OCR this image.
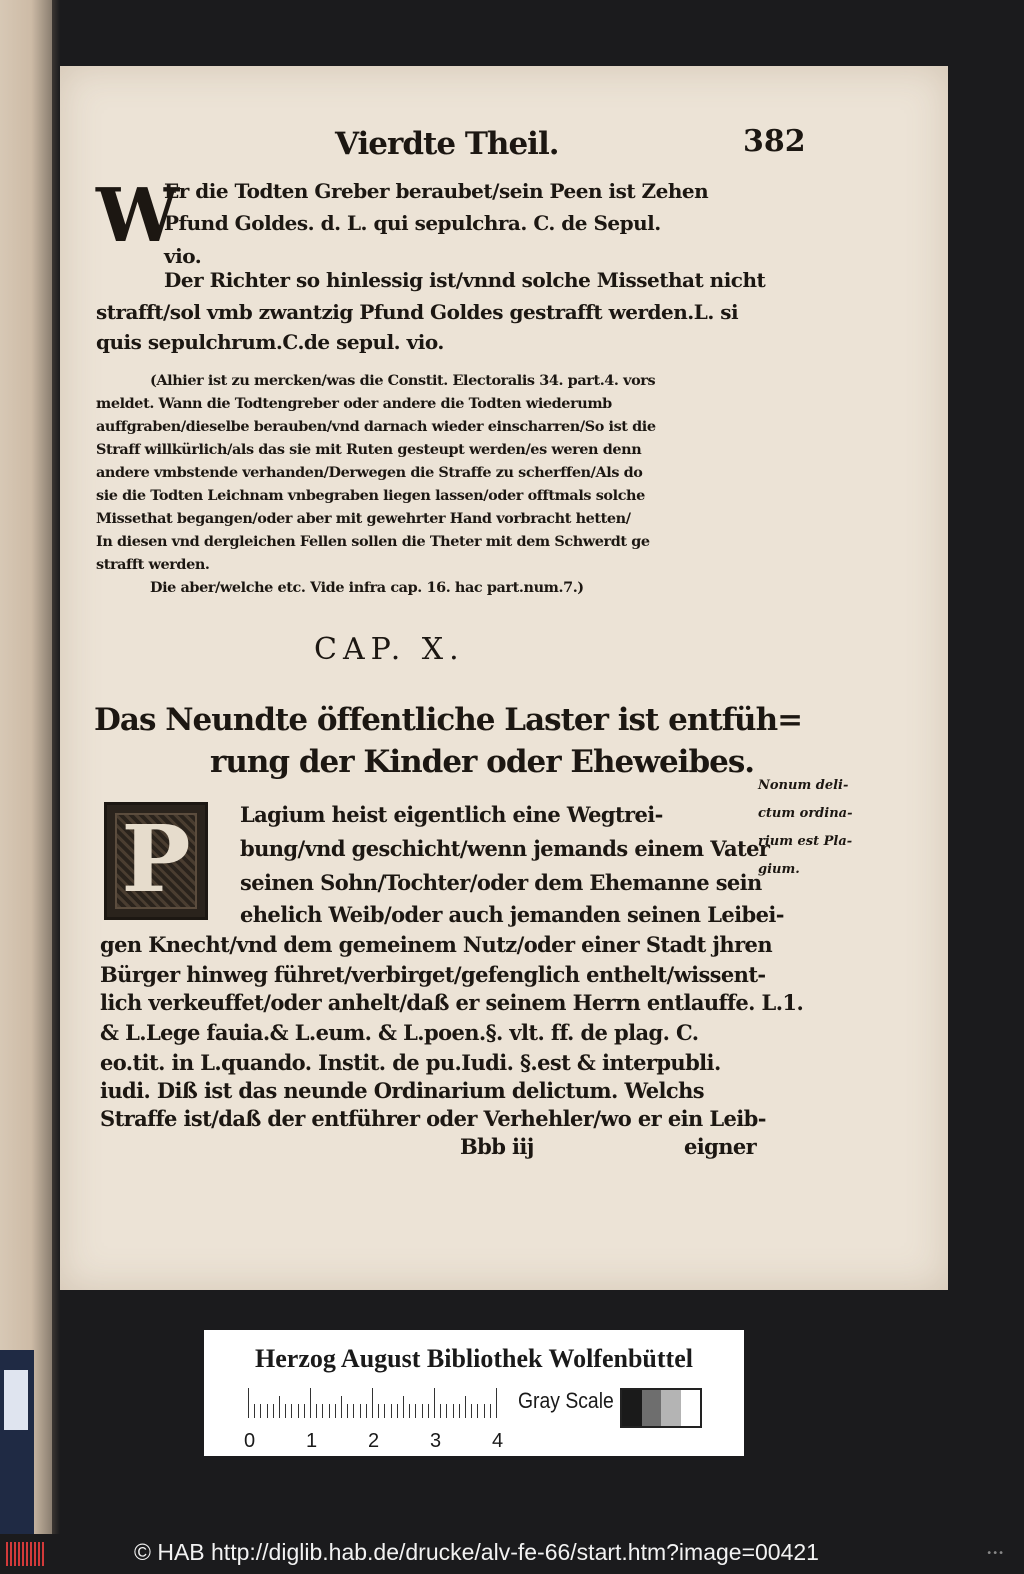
Vierdte Theil.	382
W
Er die Todten Greber beraubet/sein Peen ist Zehen
Pfund Goldes. d. L. qui sepulchra. C. de Sepul.
vio.
Der Richter so hinlessig ist/vnnd solche Missethat nicht
strafft/sol vmb zwantzig Pfund Goldes gestrafft werden.L. si
quis sepulchrum.C.de sepul. vio.
(Alhier ist zu mercken/was die Constit. Electoralis 34. part.4. vors
meldet. Wann die Todtengreber oder andere die Todten wiederumb
auffgraben/dieselbe berauben/vnd darnach wieder einscharren/So ist die
Straff willkürlich/als das sie mit Ruten gesteupt werden/es weren denn
andere vmbstende verhanden/Derwegen die Straffe zu scherffen/Als do
sie die Todten Leichnam vnbegraben liegen lassen/oder offtmals solche
Missethat begangen/oder aber mit gewehrter Hand vorbracht hetten/
In diesen vnd dergleichen Fellen sollen die Theter mit dem Schwerdt ge
strafft werden.
Die aber/welche etc. Vide infra cap. 16. hac part.num.7.)
CAP. X.
Das Neundte öffentliche Laster ist entfüh=
rung der Kinder oder Eheweibes.
Nonum deli-
ctum ordina-
rium est Pla-
gium.
P	Lagium heist eigentlich eine Wegtrei-
bung/vnd geschicht/wenn jemands einem Vater
seinen Sohn/Tochter/oder dem Ehemanne sein
ehelich Weib/oder auch jemanden seinen Leibei-
gen Knecht/vnd dem gemeinem Nutz/oder einer Stadt jhren
Bürger hinweg führet/verbirget/gefenglich enthelt/wissent-
lich verkeuffet/oder anhelt/daß er seinem Herrn entlauffe. L.1.
& L.Lege fauia.& L.eum. & L.poen.§. vlt. ff. de plag. C.
eo.tit. in L.quando. Instit. de pu.Iudi. §.est & interpubli.
iudi. Diß ist das neunde Ordinarium delictum. Welchs
Straffe ist/daß der entführer oder Verhehler/wo er ein Leib-
Bbb iij	eigner
Herzog August Bibliothek Wolfenbüttel
0	1	2	3	4
Gray Scale
© HAB http://diglib.hab.de/drucke/alv-fe-66/start.htm?image=00421	•••
